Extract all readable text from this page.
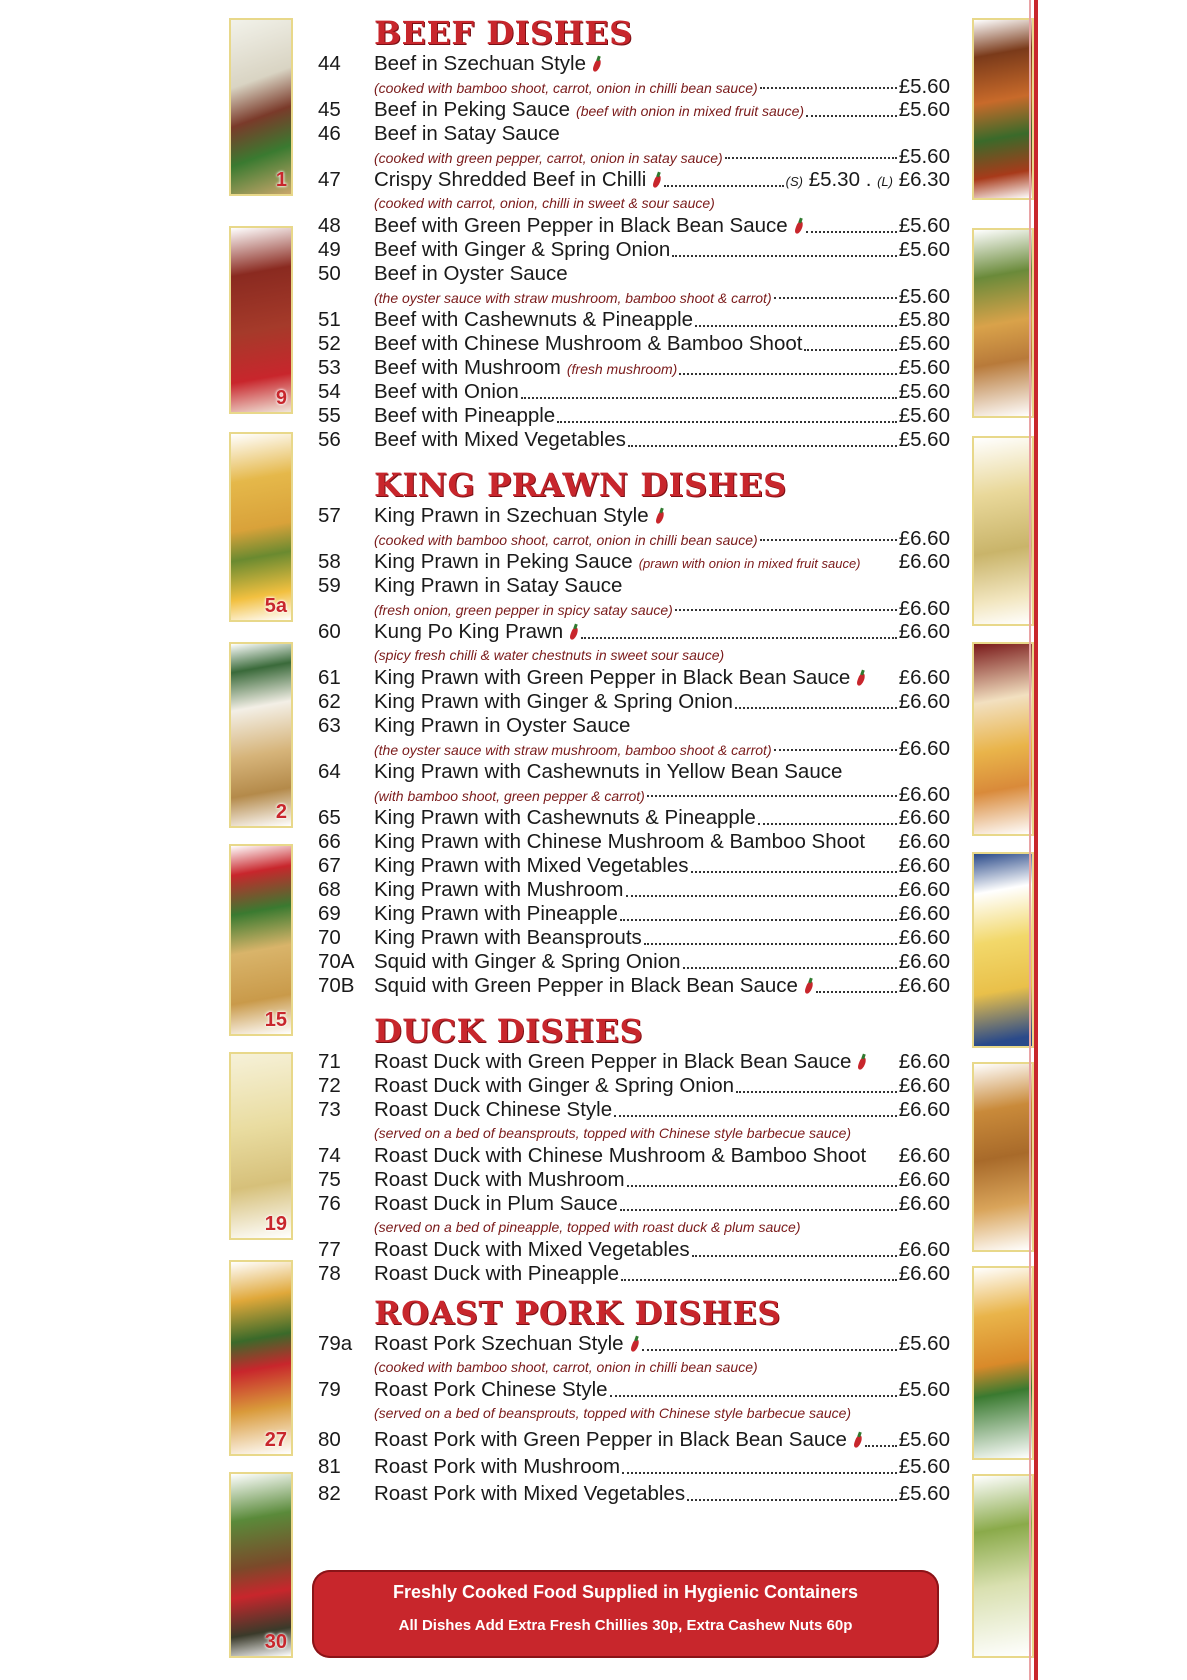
1
9
5a
2
15
19
27
30
BEEF DISHES
44	Beef in Szechuan Style
(cooked with bamboo shoot, carrot, onion in chilli bean sauce)	£5.60
45	Beef in Peking Sauce (beef with onion in mixed fruit sauce)	£5.60
46	Beef in Satay Sauce
(cooked with green pepper, carrot, onion in satay sauce)	£5.60
47	Crispy Shredded Beef in Chilli	(S) £5.30 . (L) £6.30
(cooked with carrot, onion, chilli in sweet & sour sauce)
48	Beef with Green Pepper in Black Bean Sauce	£5.60
49	Beef with Ginger & Spring Onion	£5.60
50	Beef in Oyster Sauce
(the oyster sauce with straw mushroom, bamboo shoot & carrot)	£5.60
51	Beef with Cashewnuts & Pineapple	£5.80
52	Beef with Chinese Mushroom & Bamboo Shoot	£5.60
53	Beef with Mushroom (fresh mushroom)	£5.60
54	Beef with Onion	£5.60
55	Beef with Pineapple	£5.60
56	Beef with Mixed Vegetables	£5.60
KING PRAWN DISHES
57	King Prawn in Szechuan Style
(cooked with bamboo shoot, carrot, onion in chilli bean sauce)	£6.60
58	King Prawn in Peking Sauce (prawn with onion in mixed fruit sauce) £6.60
59	King Prawn in Satay Sauce
(fresh onion, green pepper in spicy satay sauce)	£6.60
60	Kung Po King Prawn	£6.60
(spicy fresh chilli & water chestnuts in sweet sour sauce)
61	King Prawn with Green Pepper in Black Bean Sauce £6.60
62	King Prawn with Ginger & Spring Onion	£6.60
63	King Prawn in Oyster Sauce
(the oyster sauce with straw mushroom, bamboo shoot & carrot)	£6.60
64	King Prawn with Cashewnuts in Yellow Bean Sauce
(with bamboo shoot, green pepper & carrot)	£6.60
65	King Prawn with Cashewnuts & Pineapple	£6.60
66	King Prawn with Chinese Mushroom & Bamboo Shoot £6.60
67	King Prawn with Mixed Vegetables	£6.60
68	King Prawn with Mushroom	£6.60
69	King Prawn with Pineapple	£6.60
70	King Prawn with Beansprouts	£6.60
70A Squid with Ginger & Spring Onion	£6.60
70B Squid with Green Pepper in Black Bean Sauce	£6.60
DUCK DISHES
71	Roast Duck with Green Pepper in Black Bean Sauce £6.60
72	Roast Duck with Ginger & Spring Onion	£6.60
73	Roast Duck Chinese Style	£6.60
(served on a bed of beansprouts, topped with Chinese style barbecue sauce)
74	Roast Duck with Chinese Mushroom & Bamboo Shoot £6.60
75	Roast Duck with Mushroom	£6.60
76	Roast Duck in Plum Sauce	£6.60
(served on a bed of pineapple, topped with roast duck & plum sauce)
77	Roast Duck with Mixed Vegetables	£6.60
78	Roast Duck with Pineapple	£6.60
ROAST PORK DISHES
79a	Roast Pork Szechuan Style	£5.60
(cooked with bamboo shoot, carrot, onion in chilli bean sauce)
79	Roast Pork Chinese Style	£5.60
(served on a bed of beansprouts, topped with Chinese style barbecue sauce)
80	Roast Pork with Green Pepper in Black Bean Sauce	£5.60
81	Roast Pork with Mushroom	£5.60
82	Roast Pork with Mixed Vegetables	£5.60
Freshly Cooked Food Supplied in Hygienic Containers
All Dishes Add Extra Fresh Chillies 30p, Extra Cashew Nuts 60p
